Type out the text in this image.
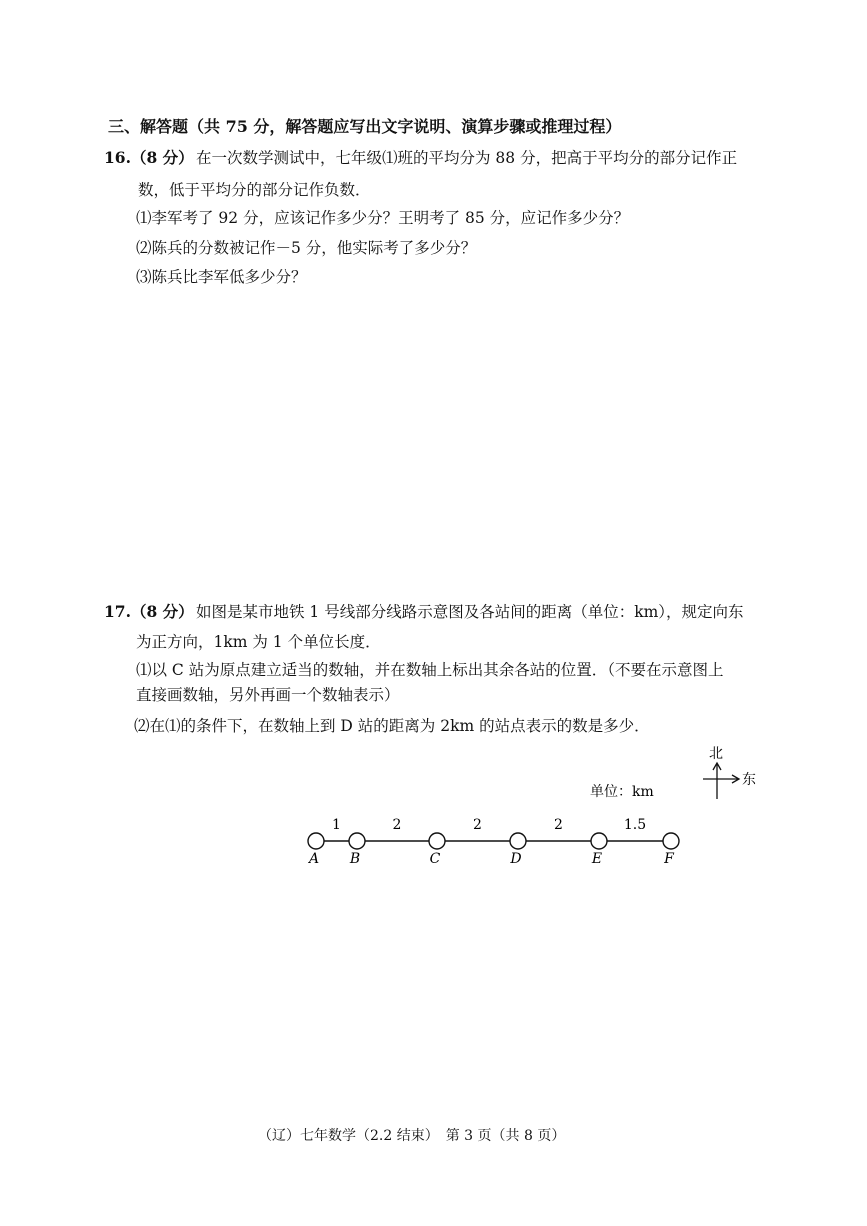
三、解答题（共 75 分，解答题应写出文字说明、演算步骤或推理过程）
16.（8 分） 在一次数学测试中，七年级⑴班的平均分为 88 分，把高于平均分的部分记作正
数，低于平均分的部分记作负数．
⑴李军考了 92 分，应该记作多少分？王明考了 85 分，应记作多少分？
⑵陈兵的分数被记作－5 分，他实际考了多少分？
⑶陈兵比李军低多少分？
17.（8 分） 如图是某市地铁 1 号线部分线路示意图及各站间的距离（单位：km），规定向东
为正方向，1km 为 1 个单位长度．
⑴以 C 站为原点建立适当的数轴，并在数轴上标出其余各站的位置．（不要在示意图上
直接画数轴，另外再画一个数轴表示）
⑵在⑴的条件下，在数轴上到 D 站的距离为 2km 的站点表示的数是多少．
北
东
单位：km
1	2	2	2	1.5
A B	C	D	E	F
（辽）七年数学（2.2 结束）　第 3 页（共 8 页）
